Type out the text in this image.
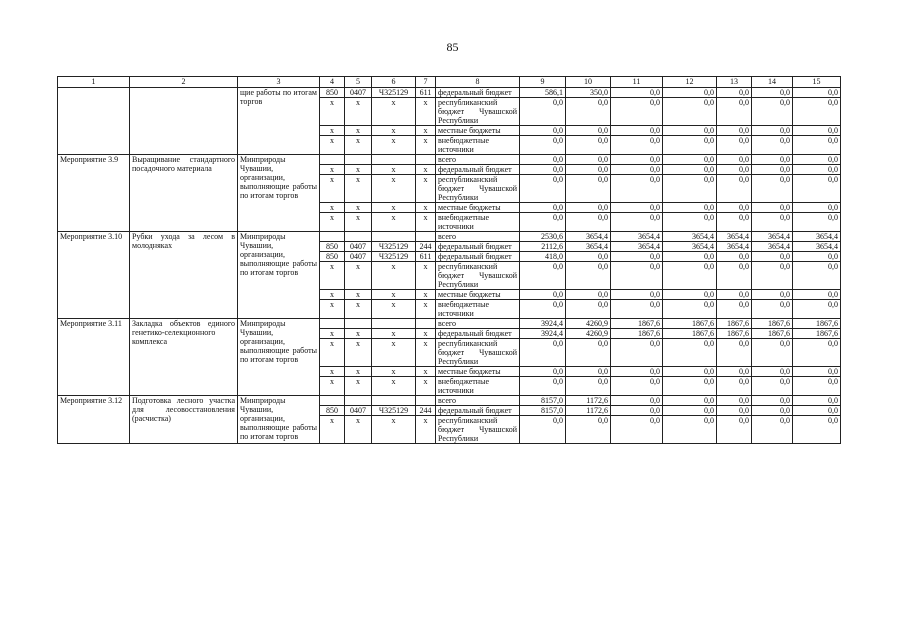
85
1	2	3	4	5	6	7	8	9	10	11	12	13	14	15
		щие работы по итогам торгов	850	0407	Ч325129	611	федеральный бюджет	586,1	350,0	0,0	0,0	0,0	0,0	0,0
			х	х	х	х	республиканский бюджет Чувашской Республики	0,0	0,0	0,0	0,0	0,0	0,0	0,0
			х	х	х	х	местные бюджеты	0,0	0,0	0,0	0,0	0,0	0,0	0,0
			х	х	х	х	внебюджетные источники	0,0	0,0	0,0	0,0	0,0	0,0	0,0
Мероприятие 3.9	Выращивание стандартного посадочного материала	Минприроды Чувашии, организации, выполняющие работы по итогам торгов					всего	0,0	0,0	0,0	0,0	0,0	0,0	0,0
			х	х	х	х	федеральный бюджет	0,0	0,0	0,0	0,0	0,0	0,0	0,0
			х	х	х	х	республиканский бюджет Чувашской Республики	0,0	0,0	0,0	0,0	0,0	0,0	0,0
			х	х	х	х	местные бюджеты	0,0	0,0	0,0	0,0	0,0	0,0	0,0
			х	х	х	х	внебюджетные источники	0,0	0,0	0,0	0,0	0,0	0,0	0,0
Мероприятие 3.10	Рубки ухода за лесом в молодняках	Минприроды Чувашии, организации, выполняющие работы по итогам торгов					всего	2530,6	3654,4	3654,4	3654,4	3654,4	3654,4	3654,4
			850	0407	Ч325129	244	федеральный бюджет	2112,6	3654,4	3654,4	3654,4	3654,4	3654,4	3654,4
			850	0407	Ч325129	611	федеральный бюджет	418,0	0,0	0,0	0,0	0,0	0,0	0,0
			х	х	х	х	республиканский бюджет Чувашской Республики	0,0	0,0	0,0	0,0	0,0	0,0	0,0
			х	х	х	х	местные бюджеты	0,0	0,0	0,0	0,0	0,0	0,0	0,0
			х	х	х	х	внебюджетные источники	0,0	0,0	0,0	0,0	0,0	0,0	0,0
Мероприятие 3.11	Закладка объектов единого генетико-селекционного комплекса	Минприроды Чувашии, организации, выполняющие работы по итогам торгов					всего	3924,4	4260,9	1867,6	1867,6	1867,6	1867,6	1867,6
			х	х	х	х	федеральный бюджет	3924,4	4260,9	1867,6	1867,6	1867,6	1867,6	1867,6
			х	х	х	х	республиканский бюджет Чувашской Республики	0,0	0,0	0,0	0,0	0,0	0,0	0,0
			х	х	х	х	местные бюджеты	0,0	0,0	0,0	0,0	0,0	0,0	0,0
			х	х	х	х	внебюджетные источники	0,0	0,0	0,0	0,0	0,0	0,0	0,0
Мероприятие 3.12	Подготовка лесного участка для лесовосстановления (расчистка)	Минприроды Чувашии, организации, выполняющие работы по итогам торгов					всего	8157,0	1172,6	0,0	0,0	0,0	0,0	0,0
			850	0407	Ч325129	244	федеральный бюджет	8157,0	1172,6	0,0	0,0	0,0	0,0	0,0
			х	х	х	х	республиканский бюджет Чувашской Республики	0,0	0,0	0,0	0,0	0,0	0,0	0,0
